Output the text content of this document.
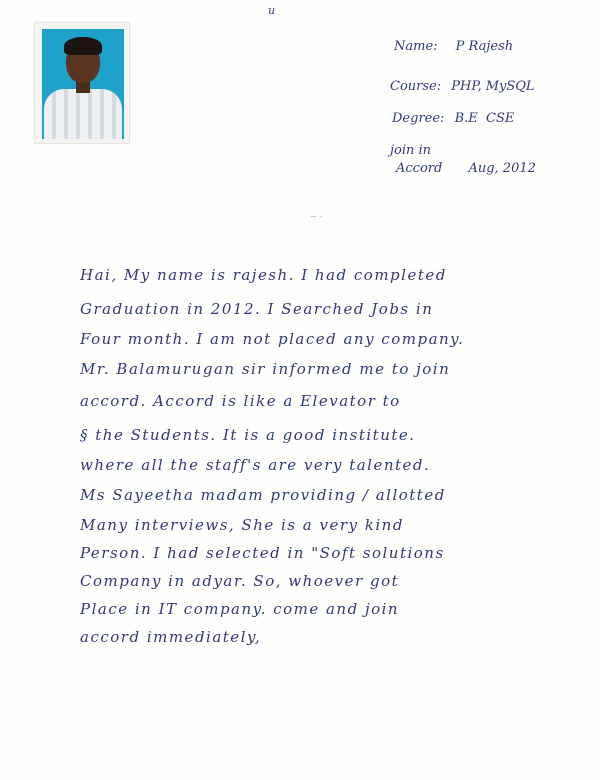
u
Name: P Rajesh
Course: PHP, MySQL
Degree: B.E  CSE
join in
Accord Aug, 2012
~ -
Hai, My name is rajesh. I had completed
Graduation in 2012. I Searched Jobs in
Four month. I am not placed any company.
Mr. Balamurugan sir informed me to join
accord. Accord is like a Elevator to
§ the Students. It is a good institute.
where all the staff's are very talented.
Ms Sayeetha madam providing / allotted
Many interviews, She is a very kind
Person. I had selected in "Soft solutions
Company in adyar. So, whoever got
Place in IT company. come and join
accord immediately,
